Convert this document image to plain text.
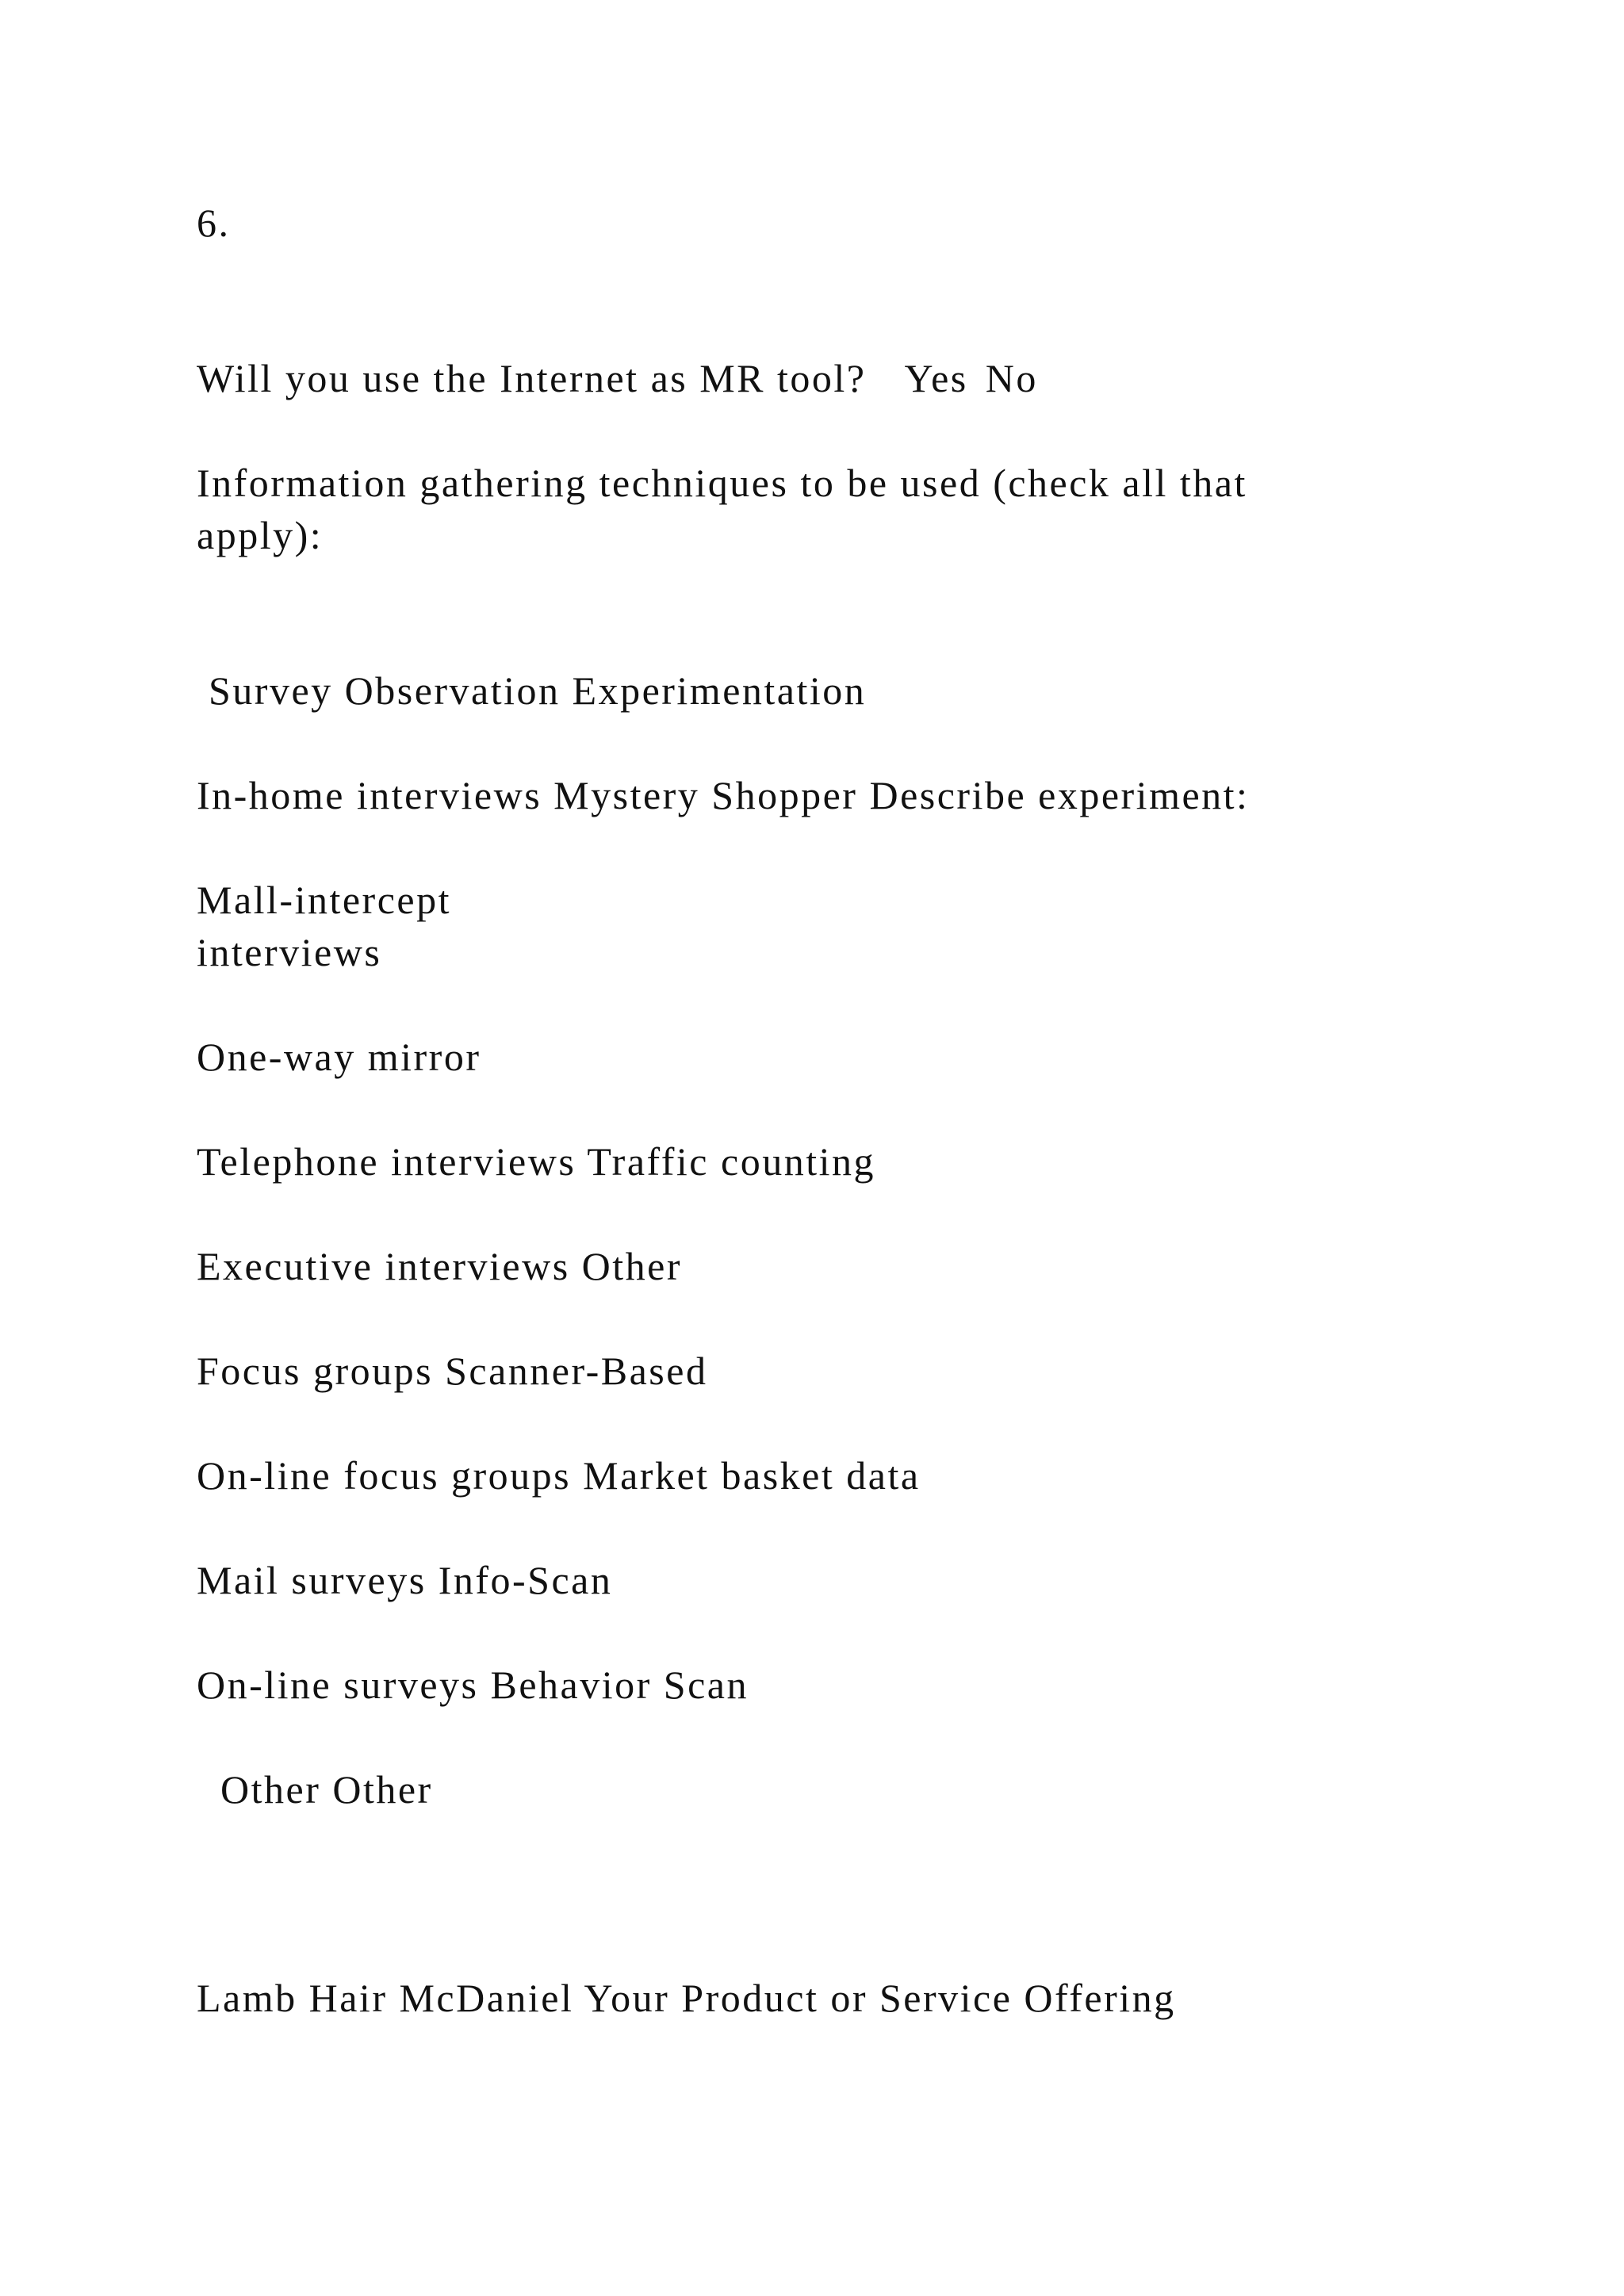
6.

Will you use the Internet as MR tool? Yes No

Information gathering techniques to be used (check all that

apply):

Survey Observation Experimentation

In-home interviews Mystery Shopper Describe experiment:

Mall-intercept

interviews

One-way mirror

Telephone interviews Traffic counting

Executive interviews Other

Focus groups Scanner-Based

On-line focus groups Market basket data

Mail surveys Info-Scan

On-line surveys Behavior Scan

Other Other

Lamb Hair McDaniel Your Product or Service Offering
